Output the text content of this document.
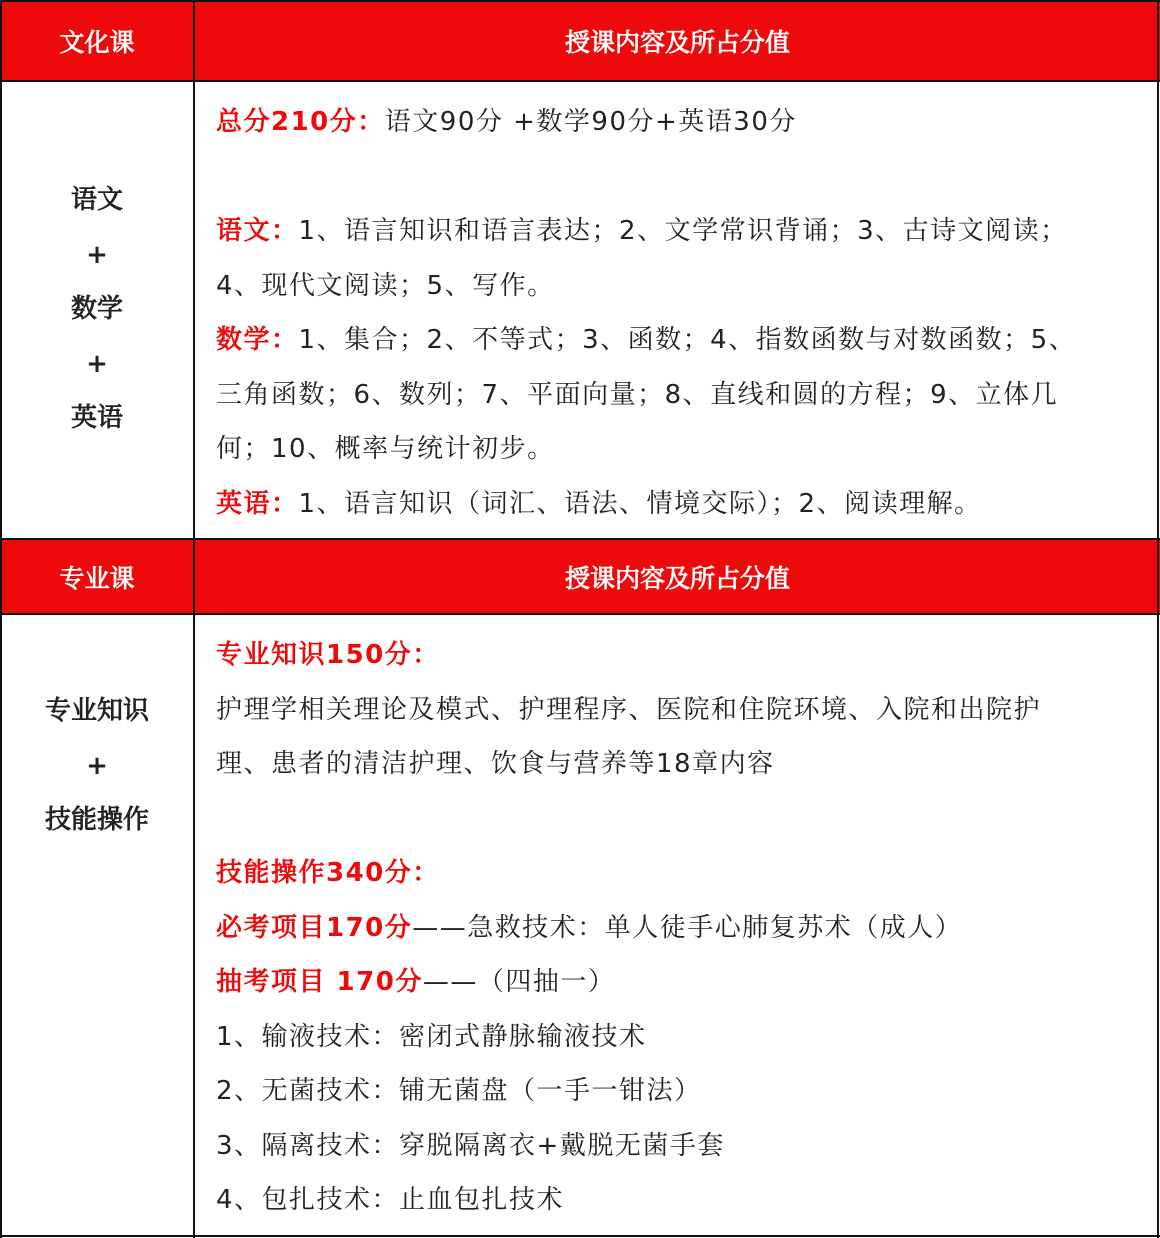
文化课	授课内容及所占分值
语文
+
数学
+
英语
总分210分：语文90分 +数学90分+英语30分
语文：1、语言知识和语言表达；2、文学常识背诵；3、古诗文阅读；
4、现代文阅读；5、写作。
数学：1、集合；2、不等式；3、函数；4、指数函数与对数函数；5、
三角函数；6、数列；7、平面向量；8、直线和圆的方程；9、立体几
何；10、概率与统计初步。
英语：1、语言知识（词汇、语法、情境交际）；2、阅读理解。
专业课	授课内容及所占分值
专业知识
+
技能操作
专业知识150分：
护理学相关理论及模式、护理程序、医院和住院环境、入院和出院护
理、患者的清洁护理、饮食与营养等18章内容
技能操作340分：
必考项目170分——急救技术：单人徒手心肺复苏术（成人）
抽考项目 170分——（四抽一）
1、输液技术：密闭式静脉输液技术
2、无菌技术：铺无菌盘（一手一钳法）
3、隔离技术：穿脱隔离衣+戴脱无菌手套
4、包扎技术：止血包扎技术
